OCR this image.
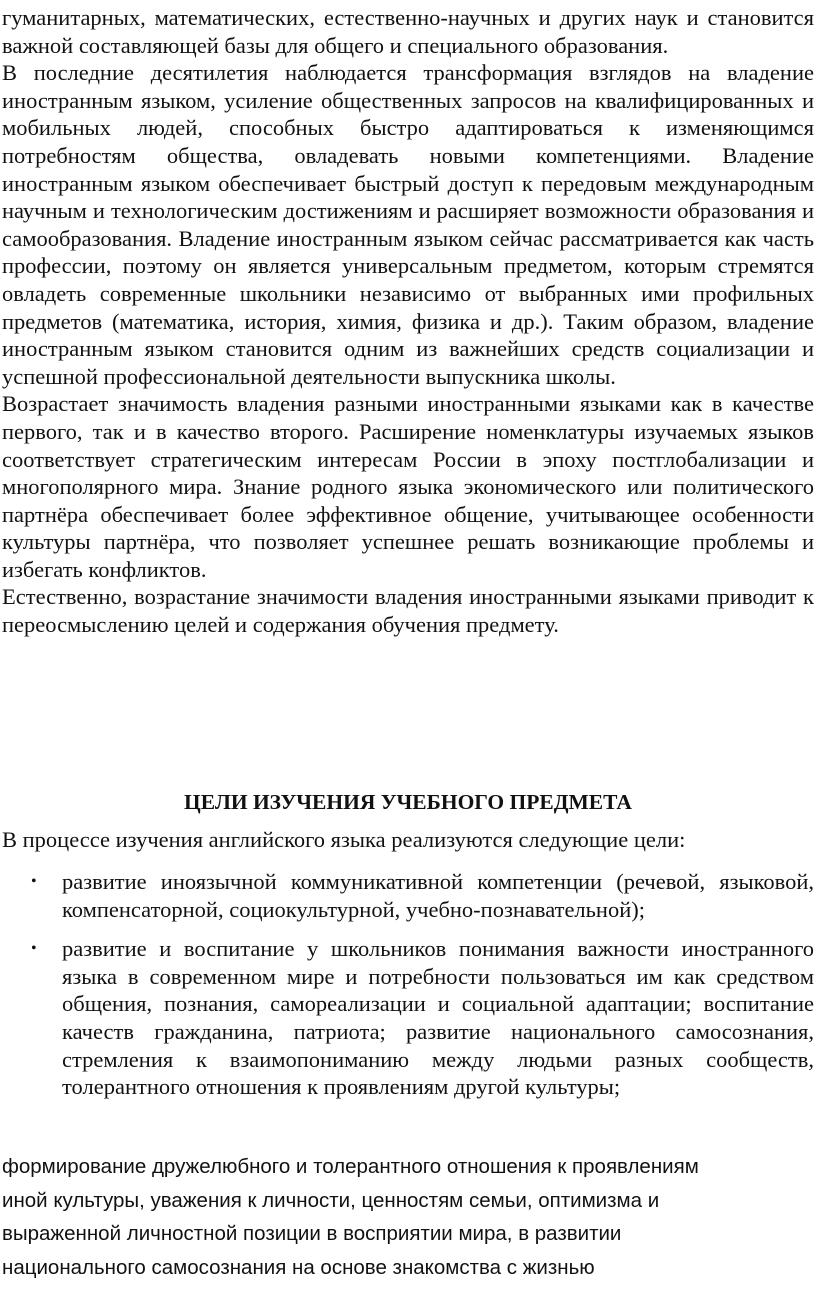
гуманитарных, математических, естественно-научных и других наук и становится важной составляющей базы для общего и специального образования.

В последние десятилетия наблюдается трансформация взглядов на владение иностранным языком, усиление общественных запросов на квалифицированных и мобильных людей, способных быстро адаптироваться к изменяющимся потребностям общества, овладевать новыми компетенциями. Владение иностранным языком обеспечивает быстрый доступ к передовым международным научным и технологическим достижениям и расширяет возможности образования и самообразования. Владение иностранным языком сейчас рассматривается как часть профессии, поэтому он является универсальным предметом, которым стремятся овладеть современные школьники независимо от выбранных ими профильных предметов (математика, история, химия, физика и др.). Таким образом, владение иностранным языком становится одним из важнейших средств социализации и успешной профессиональной деятельности выпускника школы.

Возрастает значимость владения разными иностранными языками как в качестве первого, так и в качество второго. Расширение номенклатуры изучаемых языков соответствует стратегическим интересам России в эпоху постглобализации и многополярного мира. Знание родного языка экономического или политического партнёра обеспечивает более эффективное общение, учитывающее особенности культуры партнёра, что позволяет успешнее решать возникающие проблемы и избегать конфликтов.

Естественно, возрастание значимости владения иностранными языками приводит к переосмыслению целей и содержания обучения предмету.

ЦЕЛИ ИЗУЧЕНИЯ УЧЕБНОГО ПРЕДМЕТА
В процессе изучения английского языка реализуются следующие цели:
• развитие иноязычной коммуникативной компетенции (речевой, языковой, компенсаторной, социокультурной, учебно-познавательной);
• развитие и воспитание у школьников понимания важности иностранного языка в современном мире и потребности пользоваться им как средством общения, познания, самореализации и социальной адаптации; воспитание качеств гражданина, патриота; развитие национального самосознания, стремления к взаимопониманию между людьми разных сообществ, толерантного отношения к проявлениям другой культуры;
формирование дружелюбного и толерантного отношения к проявлениям
иной культуры, уважения к личности, ценностям семьи, оптимизма и
выраженной личностной позиции в восприятии мира, в развитии
национального самосознания на основе знакомства с жизнью
